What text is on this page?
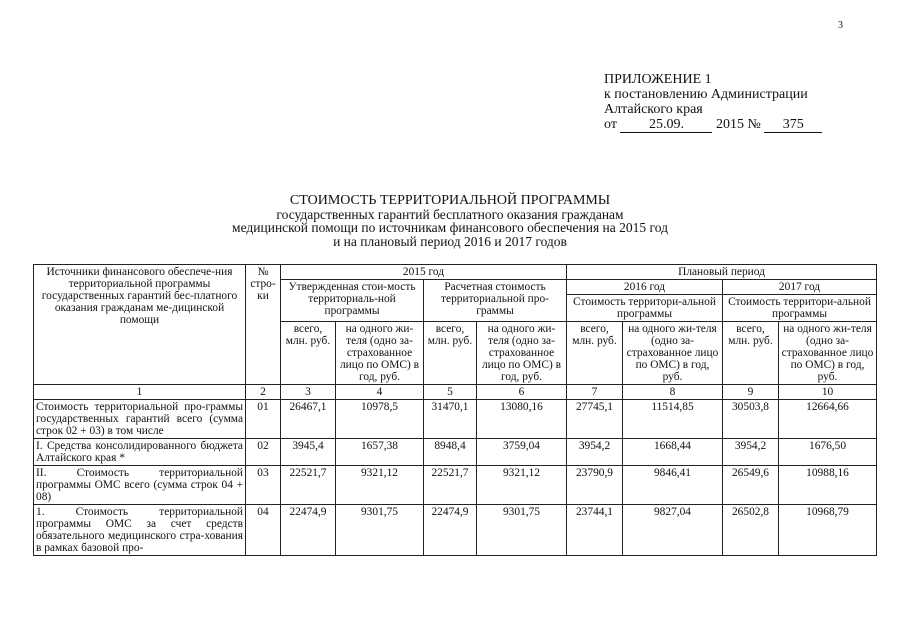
3
ПРИЛОЖЕНИЕ 1
к постановлению Администрации
Алтайского края
от 25.09. 2015 № 375
СТОИМОСТЬ ТЕРРИТОРИАЛЬНОЙ ПРОГРАММЫ
государственных гарантий бесплатного оказания гражданам
медицинской помощи по источникам финансового обеспечения на 2015 год
и на плановый период 2016 и 2017 годов
Источники финансового обеспече-ния территориальной программы государственных гарантий бес-платного оказания гражданам ме-дицинской помощи	№ стро-ки	2015 год				Плановый период			
		Утвержденная стои-мость территориаль-ной программы		Расчетная стоимость территориальной про-граммы		2016 год		2017 год	
						Стоимость территори-альной программы		Стоимость территори-альной программы	
		всего, млн. руб.	на одного жи-теля (одно за-страхованное лицо по ОМС) в год, руб.	всего, млн. руб.	на одного жи-теля (одно за-страхованное лицо по ОМС) в год, руб.	всего, млн. руб.	на одного жи-теля (одно за-страхованное лицо по ОМС) в год, руб.	всего, млн. руб.	на одного жи-теля (одно за-страхованное лицо по ОМС) в год, руб.
1	2	3	4	5	6	7	8	9	10
Стоимость территориальной про-граммы государственных гарантий всего (сумма строк 02 + 03) в том числе	01	26467,1	10978,5	31470,1	13080,16	27745,1	11514,85	30503,8	12664,66
I. Средства консолидированного бюджета Алтайского края *	02	3945,4	1657,38	8948,4	3759,04	3954,2	1668,44	3954,2	1676,50
II. Стоимость территориальной программы ОМС всего (сумма строк 04 + 08)	03	22521,7	9321,12	22521,7	9321,12	23790,9	9846,41	26549,6	10988,16
1. Стоимость территориальной программы ОМС за счет средств обязательного медицинского стра-хования в рамках базовой про-	04	22474,9	9301,75	22474,9	9301,75	23744,1	9827,04	26502,8	10968,79
